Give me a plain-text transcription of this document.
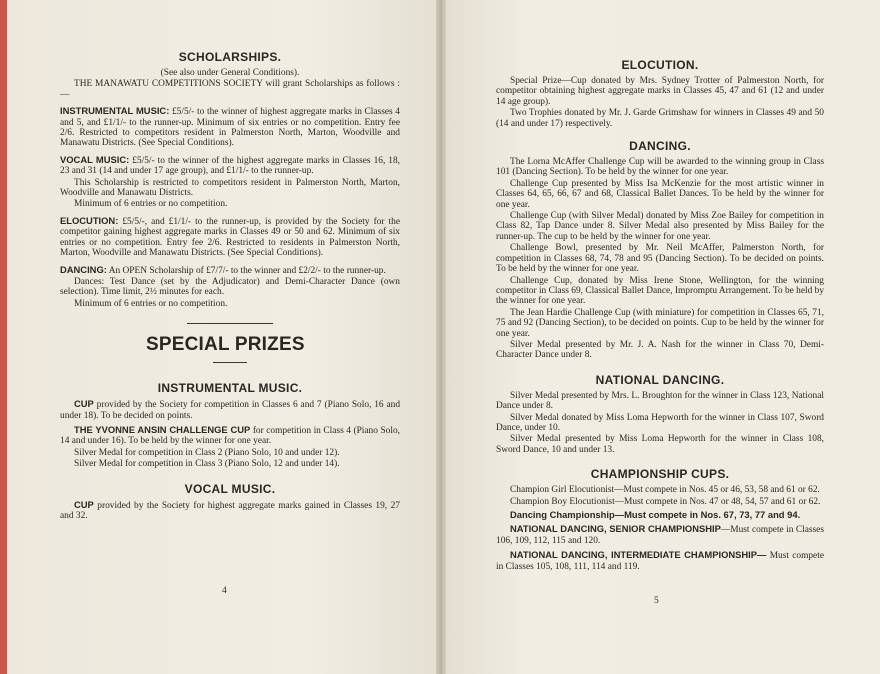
SCHOLARSHIPS.

(See also under General Conditions).

THE MANAWATU COMPETITIONS SOCIETY will grant Scholarships as follows :—

INSTRUMENTAL MUSIC: £5/5/- to the winner of highest aggregate marks in Classes 4 and 5, and £1/1/- to the runner-up. Minimum of six entries or no competition. Entry fee 2/6. Restricted to competitors resident in Palmerston North, Marton, Woodville and Manawatu Districts. (See Special Conditions).

VOCAL MUSIC: £5/5/- to the winner of the highest aggregate marks in Classes 16, 18, 23 and 31 (14 and under 17 age group), and £1/1/- to the runner-up.

This Scholarship is restricted to competitors resident in Palmerston North, Marton, Woodville and Manawatu Districts.

Minimum of 6 entries or no competition.

ELOCUTION: £5/5/-, and £1/1/- to the runner-up, is provided by the Society for the competitor gaining highest aggregate marks in Classes 49 or 50 and 62. Minimum of six entries or no competition. Entry fee 2/6. Restricted to residents in Palmerston North, Marton, Woodville and Manawatu Districts. (See Special Conditions).

DANCING: An OPEN Scholarship of £7/7/- to the winner and £2/2/- to the runner-up.

Dances: Test Dance (set by the Adjudicator) and Demi-Character Dance (own selection). Time limit, 2½ minutes for each.

Minimum of 6 entries or no competition.

SPECIAL PRIZES
INSTRUMENTAL MUSIC.

CUP provided by the Society for competition in Classes 6 and 7 (Piano Solo, 16 and under 18). To be decided on points.

THE YVONNE ANSIN CHALLENGE CUP for competition in Class 4 (Piano Solo, 14 and under 16). To be held by the winner for one year.

Silver Medal for competition in Class 2 (Piano Solo, 10 and under 12).

Silver Medal for competition in Class 3 (Piano Solo, 12 and under 14).

VOCAL MUSIC.

CUP provided by the Society for highest aggregate marks gained in Classes 19, 27 and 32.

4
ELOCUTION.

Special Prize—Cup donated by Mrs. Sydney Trotter of Palmerston North, for competitor obtaining highest aggregate marks in Classes 45, 47 and 61 (12 and under 14 age group).

Two Trophies donated by Mr. J. Garde Grimshaw for winners in Classes 49 and 50 (14 and under 17) respectively.

DANCING.

The Lorna McAffer Challenge Cup will be awarded to the winning group in Class 101 (Dancing Section). To be held by the winner for one year.

Challenge Cup presented by Miss Isa McKenzie for the most artistic winner in Classes 64, 65, 66, 67 and 68, Classical Ballet Dances. To be held by the winner for one year.

Challenge Cup (with Silver Medal) donated by Miss Zoe Bailey for competition in Class 82, Tap Dance under 8. Silver Medal also presented by Miss Bailey for the runner-up. The cup to be held by the winner for one year.

Challenge Bowl, presented by Mr. Neil McAffer, Palmerston North, for competition in Classes 68, 74, 78 and 95 (Dancing Section). To be decided on points. To be held by the winner for one year.

Challenge Cup, donated by Miss Irene Stone, Wellington, for the winning competitor in Class 69, Classical Ballet Dance, Impromptu Arrangement. To be held by the winner for one year.

The Jean Hardie Challenge Cup (with miniature) for competition in Classes 65, 71, 75 and 92 (Dancing Section), to be decided on points. Cup to be held by the winner for one year.

Silver Medal presented by Mr. J. A. Nash for the winner in Class 70, Demi-Character Dance under 8.

NATIONAL DANCING.

Silver Medal presented by Mrs. L. Broughton for the winner in Class 123, National Dance under 8.

Silver Medal donated by Miss Loma Hepworth for the winner in Class 107, Sword Dance, under 10.

Silver Medal presented by Miss Loma Hepworth for the winner in Class 108, Sword Dance, 10 and under 13.

CHAMPIONSHIP CUPS.

Champion Girl Elocutionist—Must compete in Nos. 45 or 46, 53, 58 and 61 or 62.

Champion Boy Elocutionist—Must compete in Nos. 47 or 48, 54, 57 and 61 or 62.

Dancing Championship—Must compete in Nos. 67, 73, 77 and 94.

NATIONAL DANCING, SENIOR CHAMPIONSHIP—Must compete in Classes 106, 109, 112, 115 and 120.

NATIONAL DANCING, INTERMEDIATE CHAMPIONSHIP— Must compete in Classes 105, 108, 111, 114 and 119.

5
